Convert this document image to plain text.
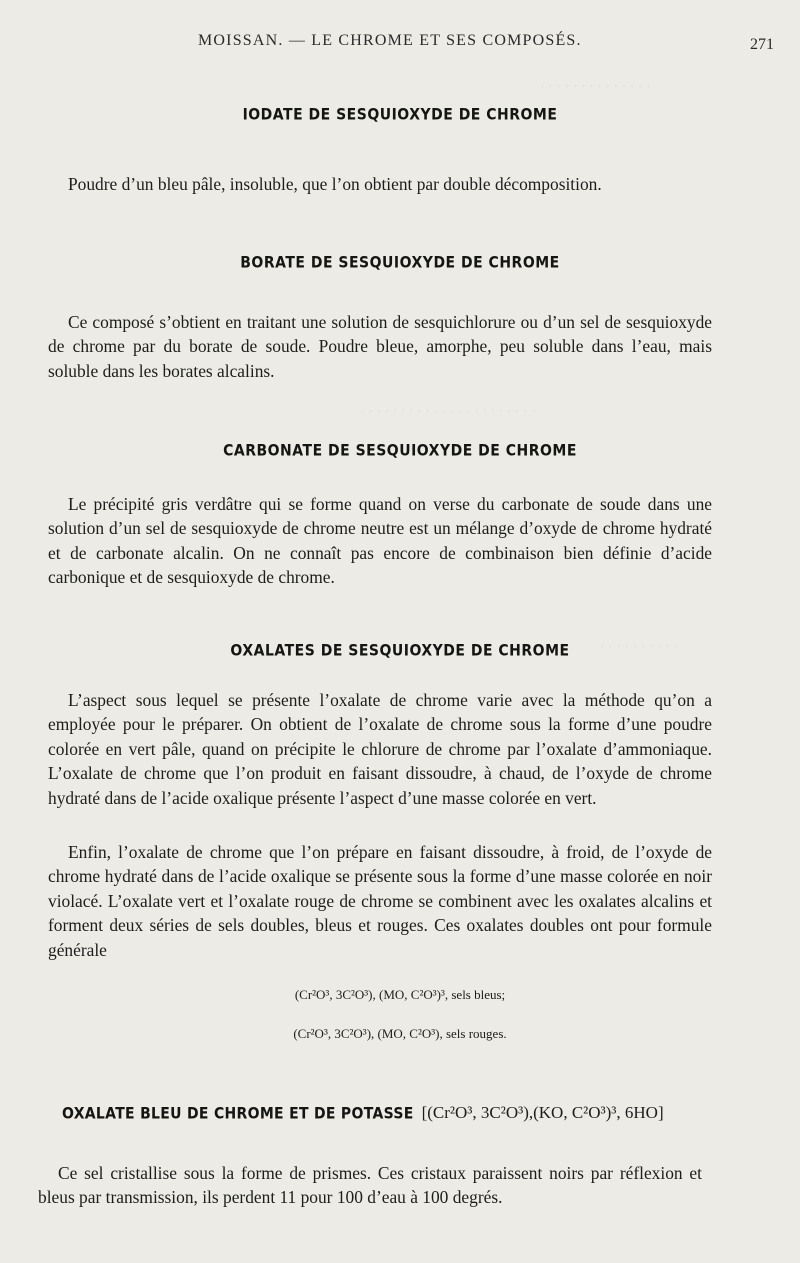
· · · · · · · · · · · · · ·
· · · · · · · · · · · · · · · · · · · · · ·
· · · · · · · · · ·
MOISSAN. — LE CHROME ET SES COMPOSÉS.	271
IODATE DE SESQUIOXYDE DE CHROME

Poudre d’un bleu pâle, insoluble, que l’on obtient par double décomposition.

BORATE DE SESQUIOXYDE DE CHROME

Ce composé s’obtient en traitant une solution de sesquichlorure ou d’un sel de sesquioxyde de chrome par du borate de soude. Poudre bleue, amorphe, peu soluble dans l’eau, mais soluble dans les borates alcalins.

CARBONATE DE SESQUIOXYDE DE CHROME

Le précipité gris verdâtre qui se forme quand on verse du carbonate de soude dans une solution d’un sel de sesquioxyde de chrome neutre est un mélange d’oxyde de chrome hydraté et de carbonate alcalin. On ne connaît pas encore de combinaison bien définie d’acide carbonique et de sesquioxyde de chrome.

OXALATES DE SESQUIOXYDE DE CHROME

L’aspect sous lequel se présente l’oxalate de chrome varie avec la méthode qu’on a employée pour le préparer. On obtient de l’oxalate de chrome sous la forme d’une poudre colorée en vert pâle, quand on précipite le chlorure de chrome par l’oxalate d’ammoniaque. L’oxalate de chrome que l’on produit en faisant dissoudre, à chaud, de l’oxyde de chrome hydraté dans de l’acide oxalique présente l’aspect d’une masse colorée en vert.

Enfin, l’oxalate de chrome que l’on prépare en faisant dissoudre, à froid, de l’oxyde de chrome hydraté dans de l’acide oxalique se présente sous la forme d’une masse colorée en noir violacé. L’oxalate vert et l’oxalate rouge de chrome se combinent avec les oxalates alcalins et forment deux séries de sels doubles, bleus et rouges. Ces oxalates doubles ont pour formule générale

(Cr²O³, 3C²O³), (MO, C²O³)³, sels bleus;
(Cr²O³, 3C²O³), (MO, C²O³), sels rouges.
OXALATE BLEU DE CHROME ET DE POTASSE [(Cr²O³, 3C²O³),(KO, C²O³)³, 6HO]

Ce sel cristallise sous la forme de prismes. Ces cristaux paraissent noirs par réflexion et bleus par transmission, ils perdent 11 pour 100 d’eau à 100 degrés.
